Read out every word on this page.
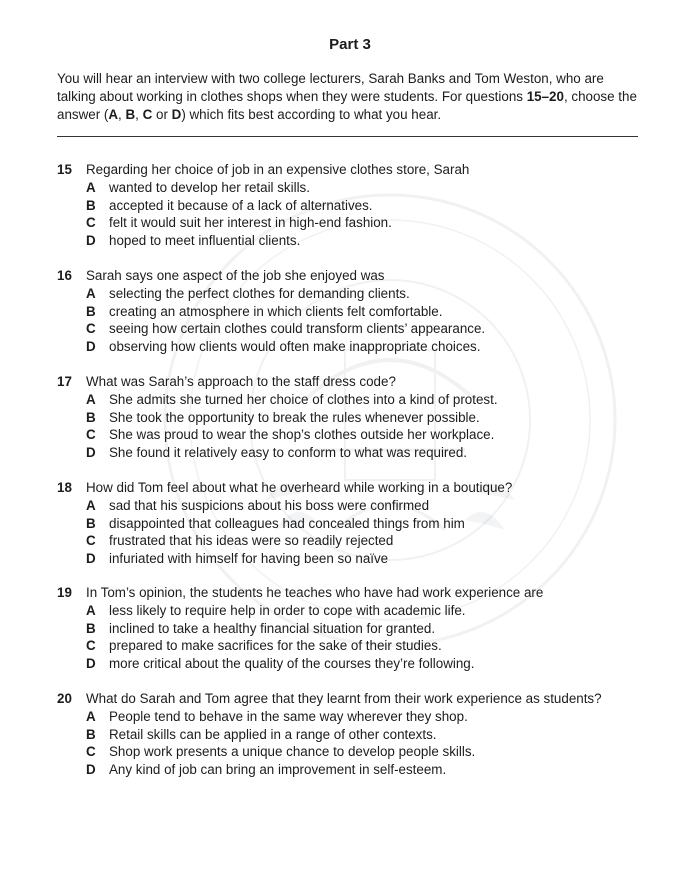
Part 3
You will hear an interview with two college lecturers, Sarah Banks and Tom Weston, who are talking about working in clothes shops when they were students. For questions 15–20, choose the answer (A, B, C or D) which fits best according to what you hear.
15 Regarding her choice of job in an expensive clothes store, Sarah
A wanted to develop her retail skills.
B accepted it because of a lack of alternatives.
C felt it would suit her interest in high-end fashion.
D hoped to meet influential clients.
16 Sarah says one aspect of the job she enjoyed was
A selecting the perfect clothes for demanding clients.
B creating an atmosphere in which clients felt comfortable.
C seeing how certain clothes could transform clients’ appearance.
D observing how clients would often make inappropriate choices.
17 What was Sarah’s approach to the staff dress code?
A She admits she turned her choice of clothes into a kind of protest.
B She took the opportunity to break the rules whenever possible.
C She was proud to wear the shop’s clothes outside her workplace.
D She found it relatively easy to conform to what was required.
18 How did Tom feel about what he overheard while working in a boutique?
A sad that his suspicions about his boss were confirmed
B disappointed that colleagues had concealed things from him
C frustrated that his ideas were so readily rejected
D infuriated with himself for having been so naïve
19 In Tom’s opinion, the students he teaches who have had work experience are
A less likely to require help in order to cope with academic life.
B inclined to take a healthy financial situation for granted.
C prepared to make sacrifices for the sake of their studies.
D more critical about the quality of the courses they’re following.
20 What do Sarah and Tom agree that they learnt from their work experience as students?
A People tend to behave in the same way wherever they shop.
B Retail skills can be applied in a range of other contexts.
C Shop work presents a unique chance to develop people skills.
D Any kind of job can bring an improvement in self-esteem.
